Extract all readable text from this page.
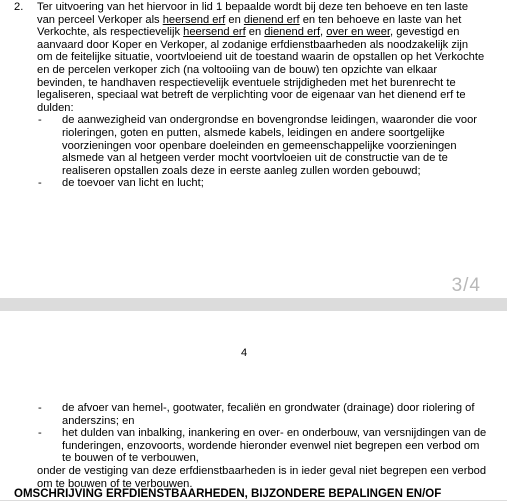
2. Ter uitvoering van het hiervoor in lid 1 bepaalde wordt bij deze ten behoeve en ten laste
van perceel Verkoper als heersend erf en dienend erf en ten behoeve en laste van het
Verkochte, als respectievelijk heersend erf en dienend erf, over en weer, gevestigd en
aanvaard door Koper en Verkoper, al zodanige erfdienstbaarheden als noodzakelijk zijn
om de feitelijke situatie, voortvloeiend uit de toestand waarin de opstallen op het Verkochte
en de percelen verkoper zich (na voltooiing van de bouw) ten opzichte van elkaar
bevinden, te handhaven respectievelijk eventuele strijdigheden met het burenrecht te
legaliseren, speciaal wat betreft de verplichting voor de eigenaar van het dienend erf te
dulden:
- de aanwezigheid van ondergrondse en bovengrondse leidingen, waaronder die voor
rioleringen, goten en putten, alsmede kabels, leidingen en andere soortgelijke
voorzieningen voor openbare doeleinden en gemeenschappelijke voorzieningen
alsmede van al hetgeen verder mocht voortvloeien uit de constructie van de te
realiseren opstallen zoals deze in eerste aanleg zullen worden gebouwd;
- de toevoer van licht en lucht;
- de afvoer van hemel-, gootwater, fecaliën en grondwater (drainage) door riolering of
anderszins; en
- het dulden van inbalking, inankering en over- en onderbouw, van versnijdingen van de
funderingen, enzovoorts, wordende hieronder evenwel niet begrepen een verbod om
te bouwen of te verbouwen,
onder de vestiging van deze erfdienstbaarheden is in ieder geval niet begrepen een verbod
om te bouwen of te verbouwen.
OMSCHRIJVING ERFDIENSTBAARHEDEN, BIJZONDERE BEPALINGEN EN/OF
3/4
4
